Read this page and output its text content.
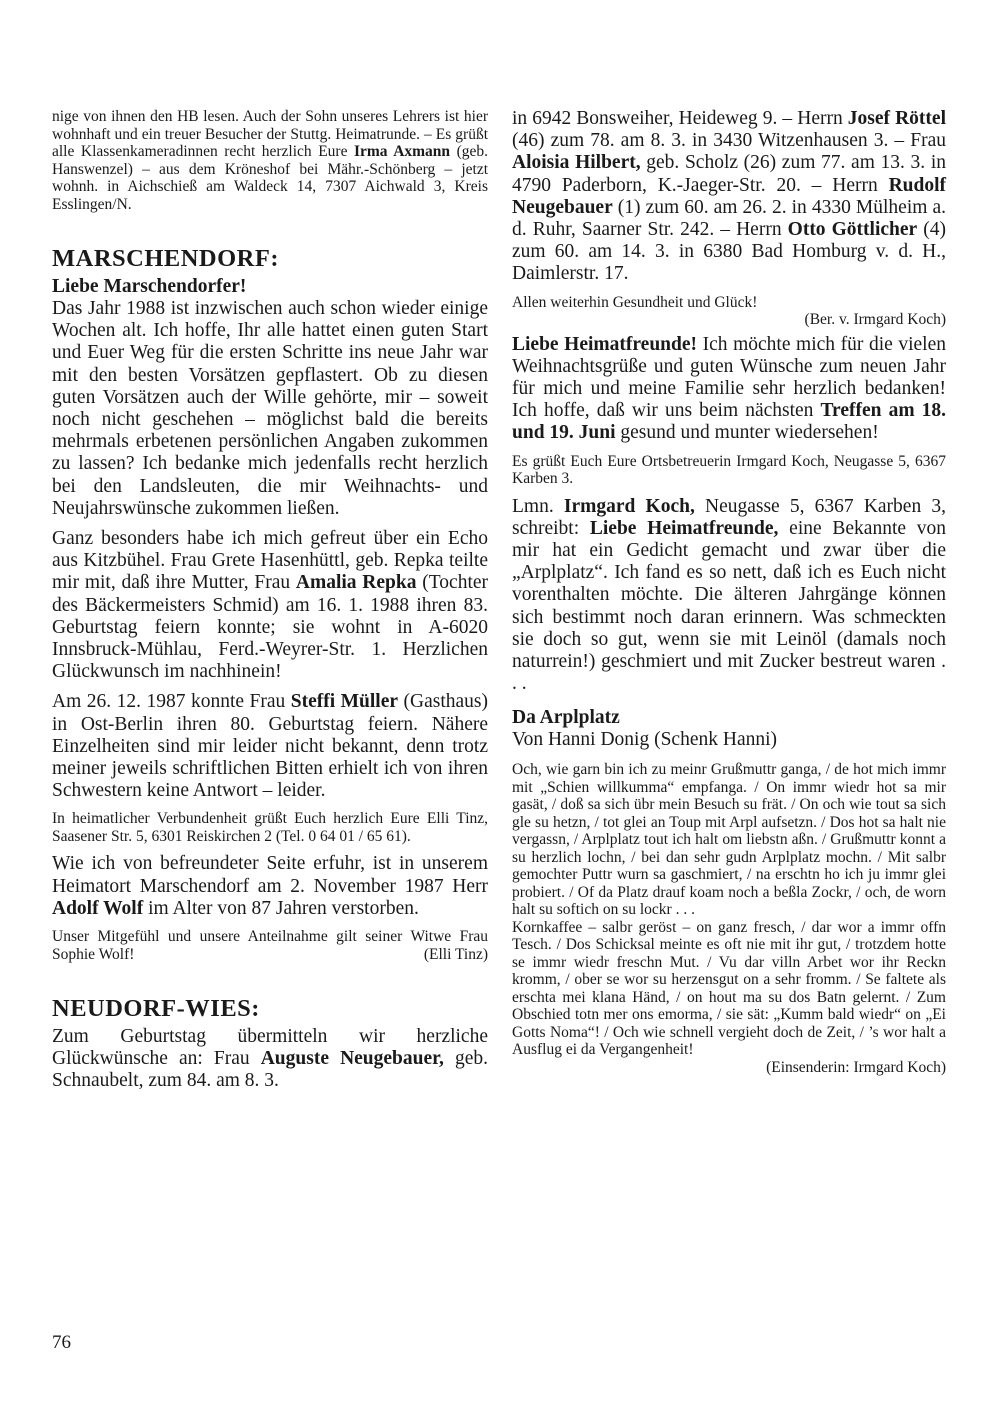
nige von ihnen den HB lesen. Auch der Sohn unseres Lehrers ist hier wohnhaft und ein treuer Besucher der Stuttg. Heimatrunde. – Es grüßt alle Klassenkameradinnen recht herzlich Eure Irma Axmann (geb. Hanswenzel) – aus dem Kröneshof bei Mähr.-Schönberg – jetzt wohnh. in Aichschieß am Waldeck 14, 7307 Aichwald 3, Kreis Esslingen/N.

MARSCHENDORF:
Liebe Marschendorfer!

Das Jahr 1988 ist inzwischen auch schon wieder einige Wochen alt. Ich hoffe, Ihr alle hattet einen guten Start und Euer Weg für die ersten Schritte ins neue Jahr war mit den besten Vorsätzen gepflastert. Ob zu diesen guten Vorsätzen auch der Wille gehörte, mir – soweit noch nicht geschehen – möglichst bald die bereits mehrmals erbetenen persönlichen Angaben zukommen zu lassen? Ich bedanke mich jedenfalls recht herzlich bei den Landsleuten, die mir Weihnachts- und Neujahrswünsche zukommen ließen.

Ganz besonders habe ich mich gefreut über ein Echo aus Kitzbühel. Frau Grete Hasenhüttl, geb. Repka teilte mir mit, daß ihre Mutter, Frau Amalia Repka (Tochter des Bäckermeisters Schmid) am 16. 1. 1988 ihren 83. Geburtstag feiern konnte; sie wohnt in A-6020 Innsbruck-Mühlau, Ferd.-Weyrer-Str. 1. Herzlichen Glückwunsch im nachhinein!

Am 26. 12. 1987 konnte Frau Steffi Müller (Gasthaus) in Ost-Berlin ihren 80. Geburtstag feiern. Nähere Einzelheiten sind mir leider nicht bekannt, denn trotz meiner jeweils schriftlichen Bitten erhielt ich von ihren Schwestern keine Antwort – leider.

In heimatlicher Verbundenheit grüßt Euch herzlich Eure Elli Tinz, Saasener Str. 5, 6301 Reiskirchen 2 (Tel. 0 64 01 / 65 61).

Wie ich von befreundeter Seite erfuhr, ist in unserem Heimatort Marschendorf am 2. November 1987 Herr Adolf Wolf im Alter von 87 Jahren verstorben.

Unser Mitgefühl und unsere Anteilnahme gilt seiner Witwe Frau Sophie Wolf!	(Elli Tinz)

NEUDORF-WIES:

Zum Geburtstag übermitteln wir herzliche Glückwünsche an: Frau Auguste Neugebauer, geb. Schnaubelt, zum 84. am 8. 3.

in 6942 Bonsweiher, Heideweg 9. – Herrn Josef Röttel (46) zum 78. am 8. 3. in 3430 Witzenhausen 3. – Frau Aloisia Hilbert, geb. Scholz (26) zum 77. am 13. 3. in 4790 Paderborn, K.-Jaeger-Str. 20. – Herrn Rudolf Neugebauer (1) zum 60. am 26. 2. in 4330 Mülheim a. d. Ruhr, Saarner Str. 242. – Herrn Otto Göttlicher (4) zum 60. am 14. 3. in 6380 Bad Homburg v. d. H., Daimlerstr. 17.

Allen weiterhin Gesundheit und Glück!

(Ber. v. Irmgard Koch)

Liebe Heimatfreunde! Ich möchte mich für die vielen Weihnachtsgrüße und guten Wünsche zum neuen Jahr für mich und meine Familie sehr herzlich bedanken! Ich hoffe, daß wir uns beim nächsten Treffen am 18. und 19. Juni gesund und munter wiedersehen!

Es grüßt Euch Eure Ortsbetreuerin Irmgard Koch, Neugasse 5, 6367 Karben 3.

Lmn. Irmgard Koch, Neugasse 5, 6367 Karben 3, schreibt: Liebe Heimatfreunde, eine Bekannte von mir hat ein Gedicht gemacht und zwar über die „Arplplatz“. Ich fand es so nett, daß ich es Euch nicht vorenthalten möchte. Die älteren Jahrgänge können sich bestimmt noch daran erinnern. Was schmeckten sie doch so gut, wenn sie mit Leinöl (damals noch naturrein!) geschmiert und mit Zucker bestreut waren . . .

Da Arplplatz
Von Hanni Donig (Schenk Hanni)

Och, wie garn bin ich zu meinr Grußmuttr ganga, / de hot mich immr mit „Schien willkumma“ empfanga. / On immr wiedr hot sa mir gasät, / doß sa sich übr mein Besuch su frät. / On och wie tout sa sich gle su hetzn, / tot glei an Toup mit Arpl aufsetzn. / Dos hot sa halt nie vergassn, / Arplplatz tout ich halt om liebstn aßn. / Grußmuttr konnt a su herzlich lochn, / bei dan sehr gudn Arplplatz mochn. / Mit salbr gemochter Puttr wurn sa gaschmiert, / na erschtn ho ich ju immr glei probiert. / Of da Platz drauf koam noch a beßla Zockr, / och, de worn halt su softich on su lockr . . .

Kornkaffee – salbr geröst – on ganz fresch, / dar wor a immr offn Tesch. / Dos Schicksal meinte es oft nie mit ihr gut, / trotzdem hotte se immr wiedr freschn Mut. / Vu dar villn Arbet wor ihr Reckn kromm, / ober se wor su herzensgut on a sehr fromm. / Se faltete als erschta mei klana Händ, / on hout ma su dos Batn gelernt. / Zum Obschied totn mer ons emorma, / sie sät: „Kumm bald wiedr“ on „Ei Gotts Noma“! / Och wie schnell vergieht doch de Zeit, / ’s wor halt a Ausflug ei da Vergangenheit!

(Einsenderin: Irmgard Koch)

76
